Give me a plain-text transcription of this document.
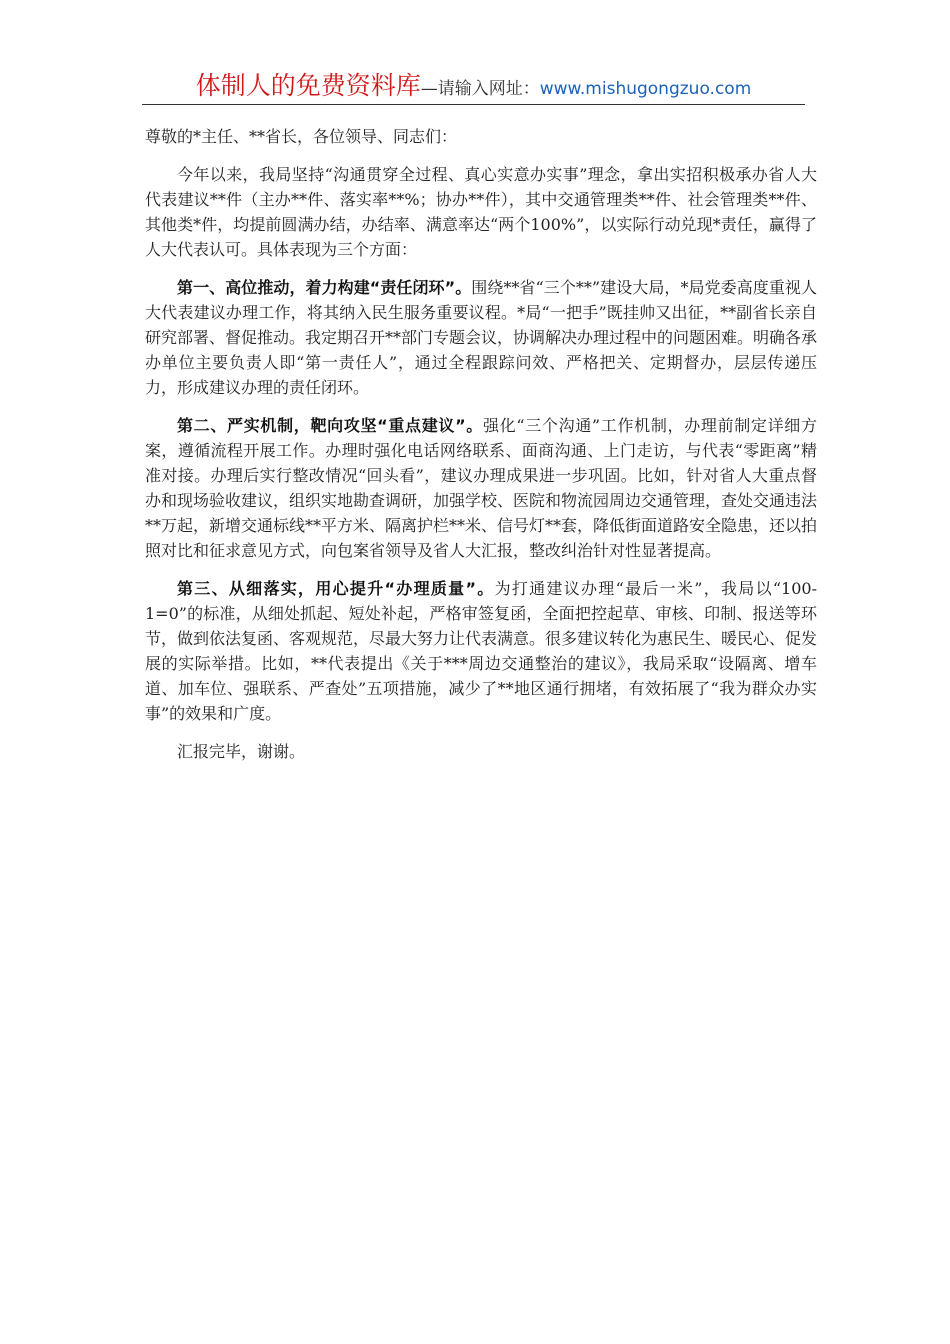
体制人的免费资料库—请输入网址：www.mishugongzuo.com

尊敬的*主任、**省长，各位领导、同志们：

今年以来，我局坚持“沟通贯穿全过程、真心实意办实事”理念，拿出实招积极承办省人大代表建议**件（主办**件、落实率**%；协办**件），其中交通管理类**件、社会管理类**件、其他类*件，均提前圆满办结，办结率、满意率达“两个100%”，以实际行动兑现*责任，赢得了人大代表认可。具体表现为三个方面：

第一、高位推动，着力构建“责任闭环”。围绕**省“三个**”建设大局，*局党委高度重视人大代表建议办理工作，将其纳入民生服务重要议程。*局“一把手”既挂帅又出征，**副省长亲自研究部署、督促推动。我定期召开**部门专题会议，协调解决办理过程中的问题困难。明确各承办单位主要负责人即“第一责任人”，通过全程跟踪问效、严格把关、定期督办，层层传递压力，形成建议办理的责任闭环。

第二、严实机制，靶向攻坚“重点建议”。强化“三个沟通”工作机制，办理前制定详细方案，遵循流程开展工作。办理时强化电话网络联系、面商沟通、上门走访，与代表“零距离”精准对接。办理后实行整改情况“回头看”，建议办理成果进一步巩固。比如，针对省人大重点督办和现场验收建议，组织实地勘查调研，加强学校、医院和物流园周边交通管理，查处交通违法**万起，新增交通标线**平方米、隔离护栏**米、信号灯**套，降低街面道路安全隐患，还以拍照对比和征求意见方式，向包案省领导及省人大汇报，整改纠治针对性显著提高。

第三、从细落实，用心提升“办理质量”。为打通建议办理“最后一米”，我局以“100-1=0”的标准，从细处抓起、短处补起，严格审签复函，全面把控起草、审核、印制、报送等环节，做到依法复函、客观规范，尽最大努力让代表满意。很多建议转化为惠民生、暖民心、促发展的实际举措。比如，**代表提出《关于***周边交通整治的建议》，我局采取“设隔离、增车道、加车位、强联系、严查处”五项措施，减少了**地区通行拥堵，有效拓展了“我为群众办实事”的效果和广度。

汇报完毕，谢谢。
